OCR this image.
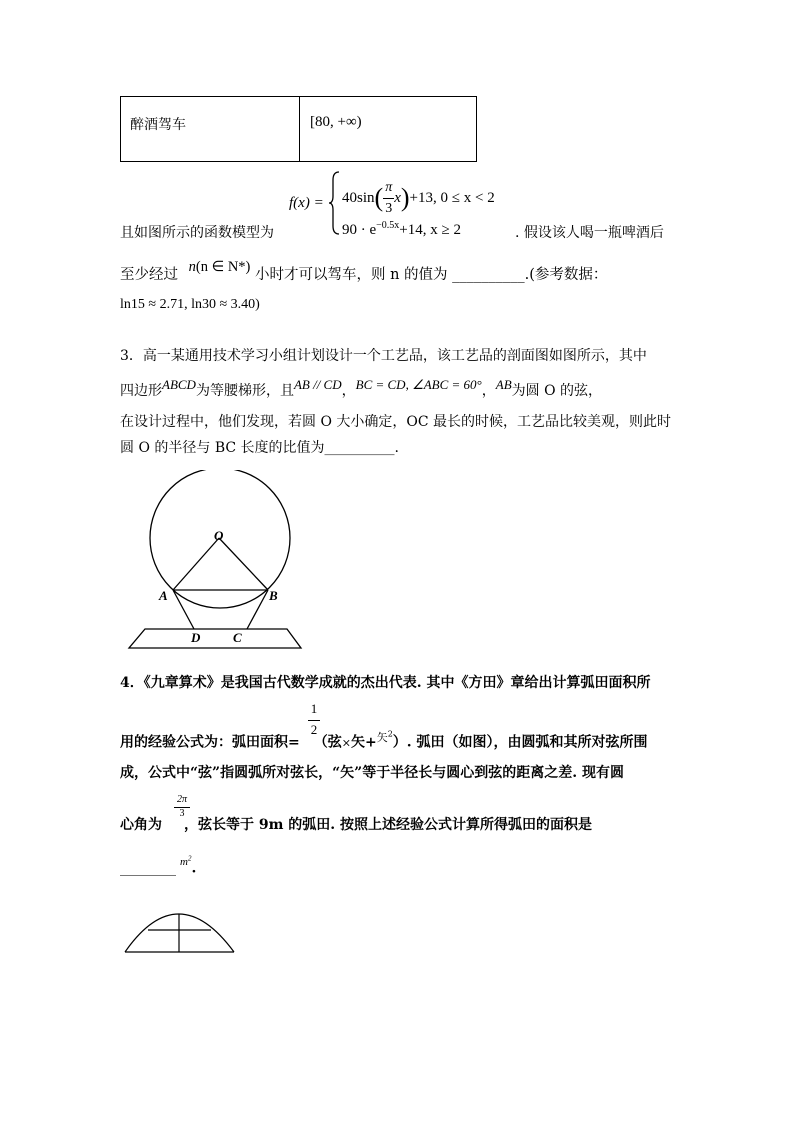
醉酒驾车	[80, +∞)
$f(x) = 40\sin( \frac{\pi}{3} x)+13$, 0 ≤ x < 2
$90 \cdot e^{-0.5x}+14$, x ≥ 2
且如图所示的函数模型为	. 假设该人喝一瓶啤酒后
至少经过 n(n ∈ N*) 小时才可以驾车，则 n 的值为 __________.(参考数据：
ln15 ≈ 2.71, ln30 ≈ 3.40)
3．高一某通用技术学习小组计划设计一个工艺品，该工艺品的剖面图如图所示，其中
四边形ABCD为等腰梯形，且AB // CD，BC = CD, ∠ABC = 60°，AB为圆 O 的弦，
在设计过程中，他们发现，若圆 O 大小确定，OC 最长的时候，工艺品比较美观，则此时
圆 O 的半径与 BC 长度的比值为__________.
O
A	B
D	C
4．《九章算术》是我国古代数学成就的杰出代表. 其中《方田》章给出计算弧田面积所
1
2
用的经验公式为：弧田面积= （弦×矢+$^{矢^2}$）. 弧田（如图），由圆弧和其所对弦所围
成，公式中“弦”指圆弧所对弦长，“矢”等于半径长与圆心到弦的距离之差. 现有圆
2π
3
心角为 ，弦长等于 9m 的弧田. 按照上述经验公式计算所得弧田的面积是
________ $^{m^2}$.
